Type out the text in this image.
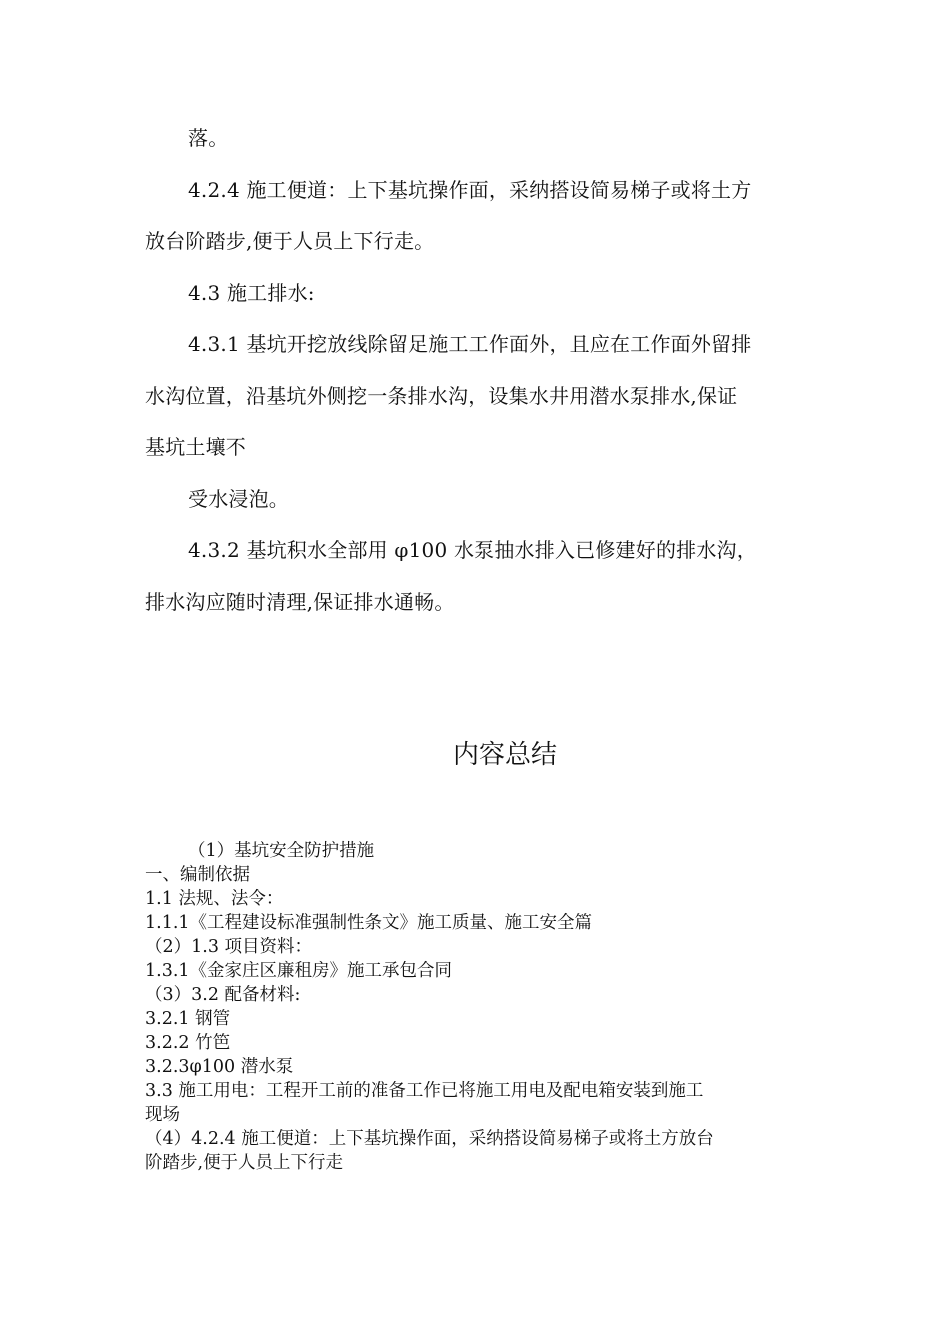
落。
4.2.4 施工便道：上下基坑操作面，采纳搭设简易梯子或将土方
放台阶踏步,便于人员上下行走。
4.3 施工排水:
4.3.1 基坑开挖放线除留足施工工作面外，且应在工作面外留排
水沟位置，沿基坑外侧挖一条排水沟，设集水井用潜水泵排水,保证
基坑土壤不
受水浸泡。
4.3.2 基坑积水全部用 φ100 水泵抽水排入已修建好的排水沟，
排水沟应随时清理,保证排水通畅。
内容总结
（1）基坑安全防护措施
一、编制依据
1.1 法规、法令：
1.1.1《工程建设标准强制性条文》施工质量、施工安全篇
（2）1.3 项目资料：
1.3.1《金家庄区廉租房》施工承包合同
（3）3.2 配备材料:
3.2.1 钢管
3.2.2 竹笆
3.2.3φ100 潜水泵
3.3 施工用电：工程开工前的准备工作已将施工用电及配电箱安装到施工
现场
（4）4.2.4 施工便道：上下基坑操作面，采纳搭设简易梯子或将土方放台
阶踏步,便于人员上下行走
